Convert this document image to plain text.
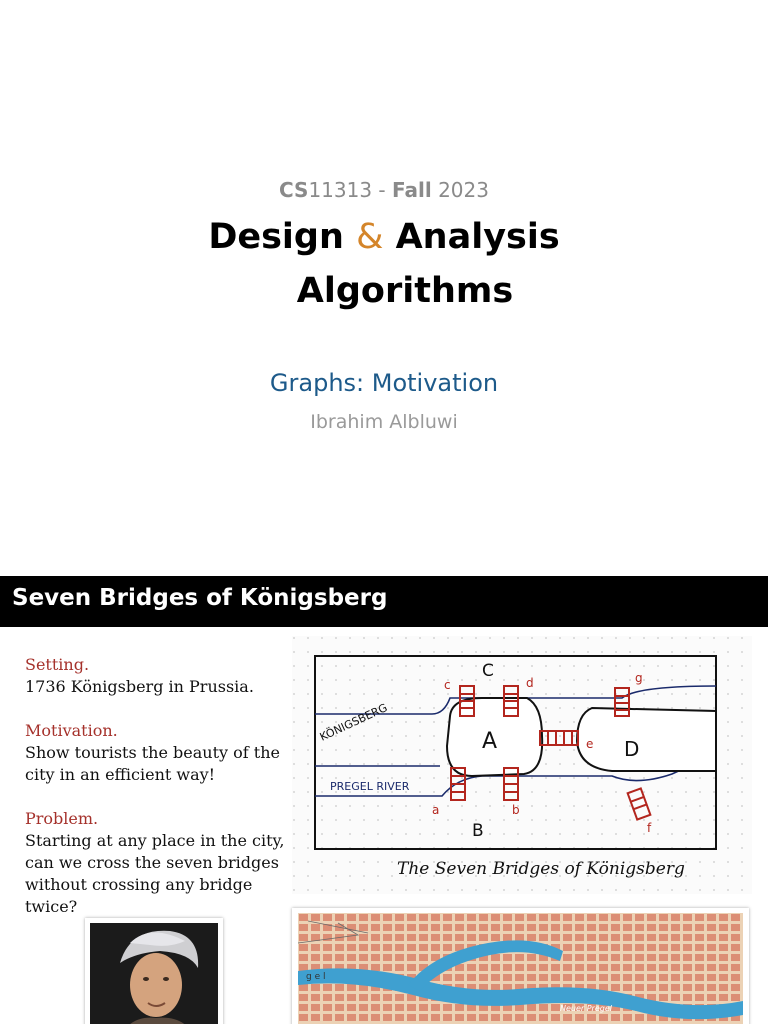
CS11313 - Fall 2023
Design & Analysis
Algorithms
Graphs: Motivation
Ibrahim Albluwi
Seven Bridges of Königsberg
Setting.
1736 Königsberg in Prussia.
Motivation.
Show tourists the beauty of the city in an efficient way!
Problem.
Starting at any place in the city, can we cross the seven bridges without crossing any bridge twice?
KÖNIGSBERG
PREGEL RIVER
A
B
C
D
a	b
c	d
e
f
g
The Seven Bridges of Königsberg
g e l
Neuer Pregel
